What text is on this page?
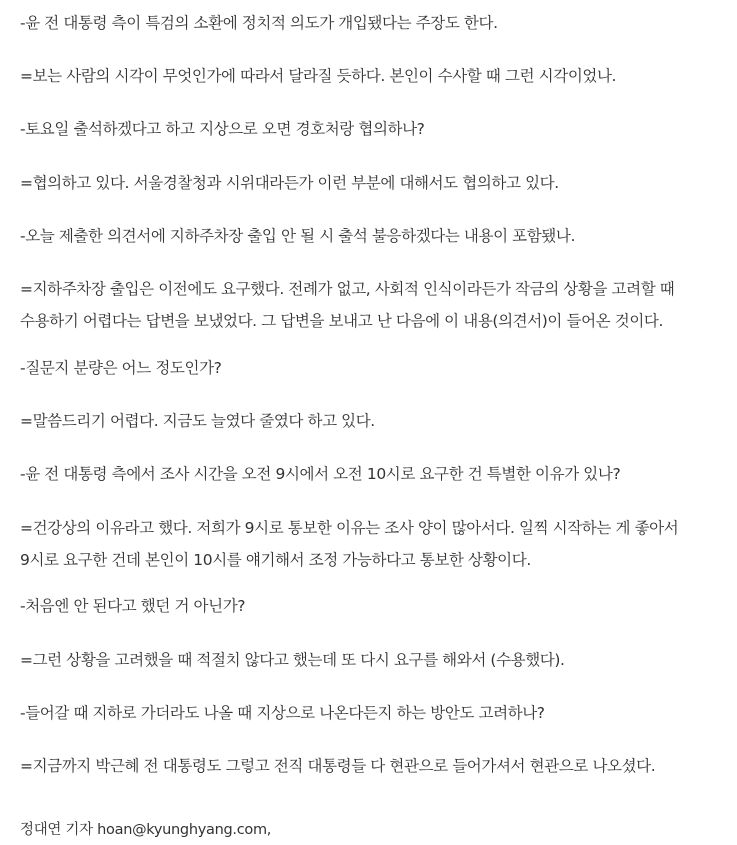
-윤 전 대통령 측이 특검의 소환에 정치적 의도가 개입됐다는 주장도 한다.

=보는 사람의 시각이 무엇인가에 따라서 달라질 듯하다. 본인이 수사할 때 그런 시각이었나.

-토요일 출석하겠다고 하고 지상으로 오면 경호처랑 협의하나?

=협의하고 있다. 서울경찰청과 시위대라든가 이런 부분에 대해서도 협의하고 있다.

-오늘 제출한 의견서에 지하주차장 출입 안 될 시 출석 불응하겠다는 내용이 포함됐나.

=지하주차장 출입은 이전에도 요구했다. 전례가 없고, 사회적 인식이라든가 작금의 상황을 고려할 때 수용하기 어렵다는 답변을 보냈었다. 그 답변을 보내고 난 다음에 이 내용(의견서)이 들어온 것이다.

-질문지 분량은 어느 정도인가?

=말씀드리기 어렵다. 지금도 늘였다 줄였다 하고 있다.

-윤 전 대통령 측에서 조사 시간을 오전 9시에서 오전 10시로 요구한 건 특별한 이유가 있나?

=건강상의 이유라고 했다. 저희가 9시로 통보한 이유는 조사 양이 많아서다. 일찍 시작하는 게 좋아서 9시로 요구한 건데 본인이 10시를 얘기해서 조정 가능하다고 통보한 상황이다.

-처음엔 안 된다고 했던 거 아닌가?

=그런 상황을 고려했을 때 적절치 않다고 했는데 또 다시 요구를 해와서 (수용했다).

-들어갈 때 지하로 가더라도 나올 때 지상으로 나온다든지 하는 방안도 고려하나?

=지금까지 박근혜 전 대통령도 그렇고 전직 대통령들 다 현관으로 들어가셔서 현관으로 나오셨다.

정대연 기자 hoan@kyunghyang.com,
